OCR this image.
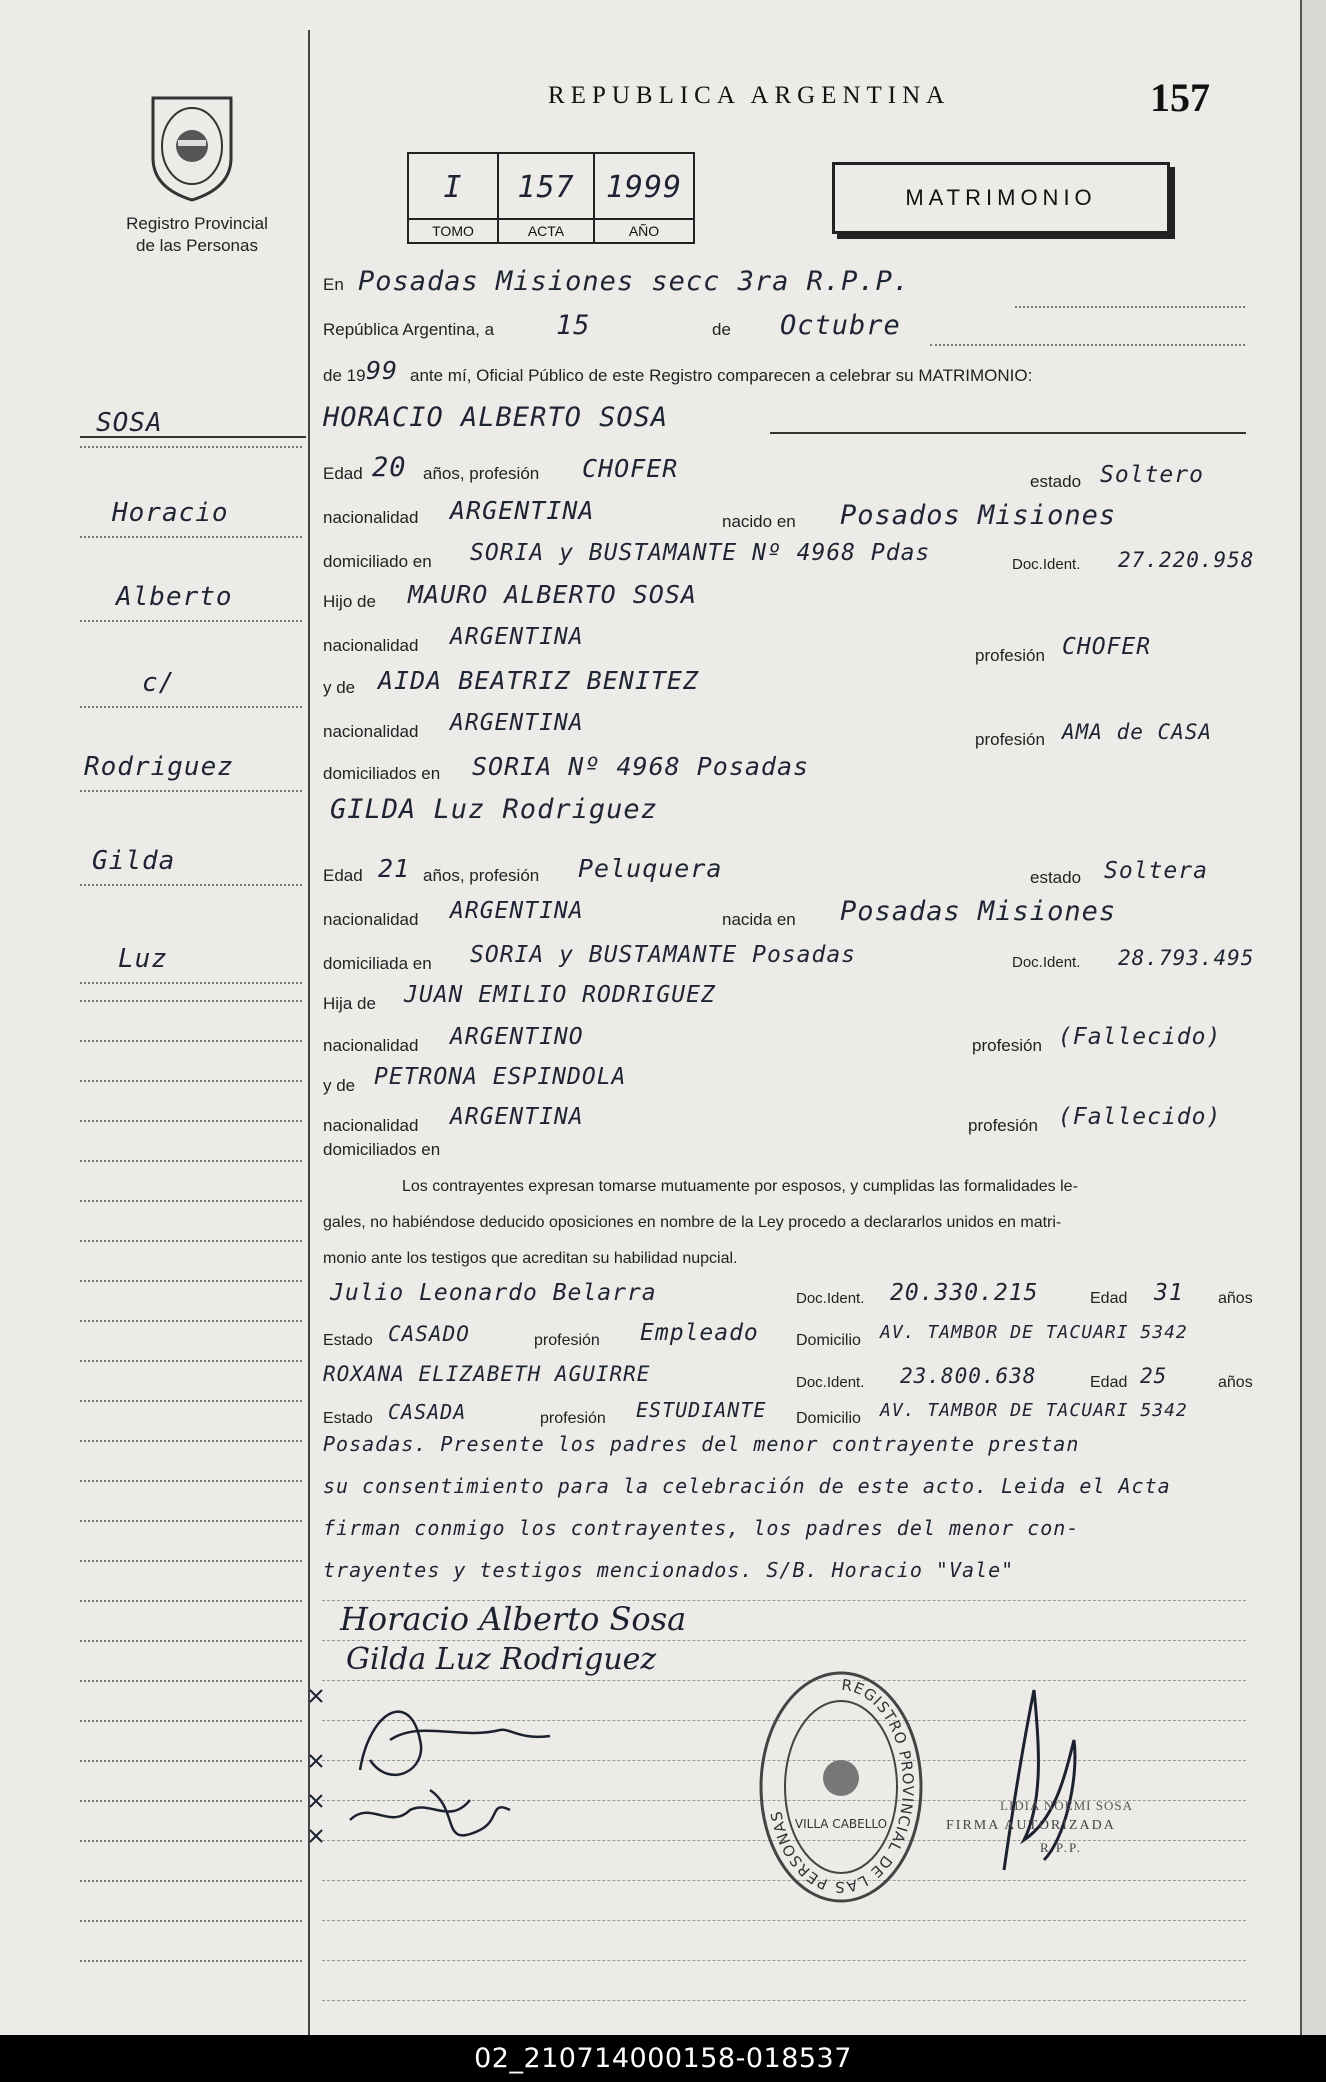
Registro Provincial
de las Personas
REPUBLICA ARGENTINA	157
I
TOMO
157
ACTA
1999
AÑO
MATRIMONIO
SOSA
Horacio
Alberto
c/
Rodriguez
Gilda
Luz
En Posadas Misiones secc 3ra R.P.P.
República Argentina, a 15	de Octubre
de 19 99 ante mí, Oficial Público de este Registro comparecen a celebrar su MATRIMONIO:
HORACIO ALBERTO SOSA
Edad 20 años, profesión CHOFER	estado Soltero
nacionalidad ARGENTINA	nacido en Posados Misiones
domiciliado en SORIA y BUSTAMANTE Nº 4968 Pdas	Doc.Ident. 27.220.958
Hijo de MAURO ALBERTO SOSA
nacionalidad ARGENTINA
profesión CHOFER
y de AIDA BEATRIZ BENITEZ
nacionalidad ARGENTINA
profesión AMA de CASA
domiciliados en SORIA Nº 4968 Posadas
GILDA Luz Rodriguez
Edad 21 años, profesión Peluquera	estado Soltera
nacionalidad ARGENTINA	nacida en Posadas Misiones
domiciliada en SORIA y BUSTAMANTE Posadas	Doc.Ident. 28.793.495
Hija de JUAN EMILIO RODRIGUEZ
nacionalidad ARGENTINO	profesión (Fallecido)
y de PETRONA ESPINDOLA
nacionalidad ARGENTINA	profesión (Fallecido)
domiciliados en
Los contrayentes expresan tomarse mutuamente por esposos, y cumplidas las formalidades le-
gales, no habiéndose deducido oposiciones en nombre de la Ley procedo a declararlos unidos en matri-
monio ante los testigos que acreditan su habilidad nupcial.
Julio Leonardo Belarra	Doc.Ident. 20.330.215	Edad 31 años
Estado CASADO	profesión Empleado Domicilio AV. TAMBOR DE TACUARI 5342
ROXANA ELIZABETH AGUIRRE	Doc.Ident. 23.800.638	Edad 25	años
Estado CASADA	profesión ESTUDIANTE Domicilio AV. TAMBOR DE TACUARI 5342
Posadas. Presente los padres del menor contrayente prestan
su consentimiento para la celebración de este acto. Leida el Acta
firman conmigo los contrayentes, los padres del menor con-
trayentes y testigos mencionados. S/B. Horacio "Vale"
Horacio Alberto Sosa
Gilda Luz Rodriguez
REGISTRO PROVINCIAL DE LAS PERSONAS
VILLA CABELLO
LIDIA NOEMI SOSA
FIRMA AUTORIZADA
R.P.P.
02_210714000158-018537
